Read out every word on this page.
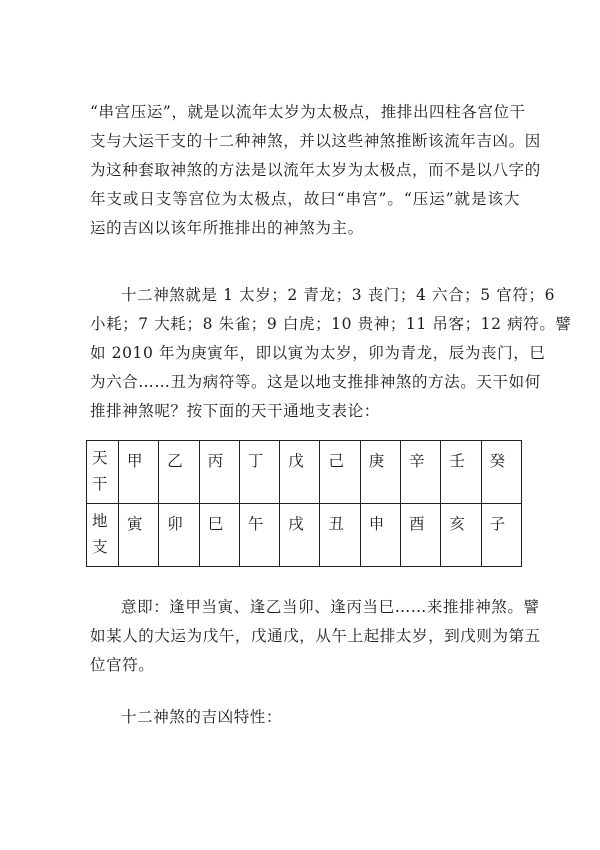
“串宫压运”，就是以流年太岁为太极点，推排出四柱各宫位干
支与大运干支的十二种神煞，并以这些神煞推断该流年吉凶。因
为这种套取神煞的方法是以流年太岁为太极点，而不是以八字的
年支或日支等宫位为太极点，故曰“串宫”。“压运”就是该大
运的吉凶以该年所推排出的神煞为主。
十二神煞就是 1 太岁；2 青龙；3 丧门；4 六合；5 官符；6
小耗；7 大耗；8 朱雀；9 白虎；10 贵神；11 吊客；12 病符。譬
如 2010 年为庚寅年，即以寅为太岁，卯为青龙，辰为丧门，巳
为六合……丑为病符等。这是以地支推排神煞的方法。天干如何
推排神煞呢？按下面的天干通地支表论：
天
干	甲	乙	丙	丁	戊	己	庚	辛	壬	癸

地
支	寅	卯	巳	午	戌	丑	申	酉	亥	子
意即：逢甲当寅、逢乙当卯、逢丙当巳……来推排神煞。譬
如某人的大运为戊午，戊通戊，从午上起排太岁，到戊则为第五
位官符。
十二神煞的吉凶特性：
